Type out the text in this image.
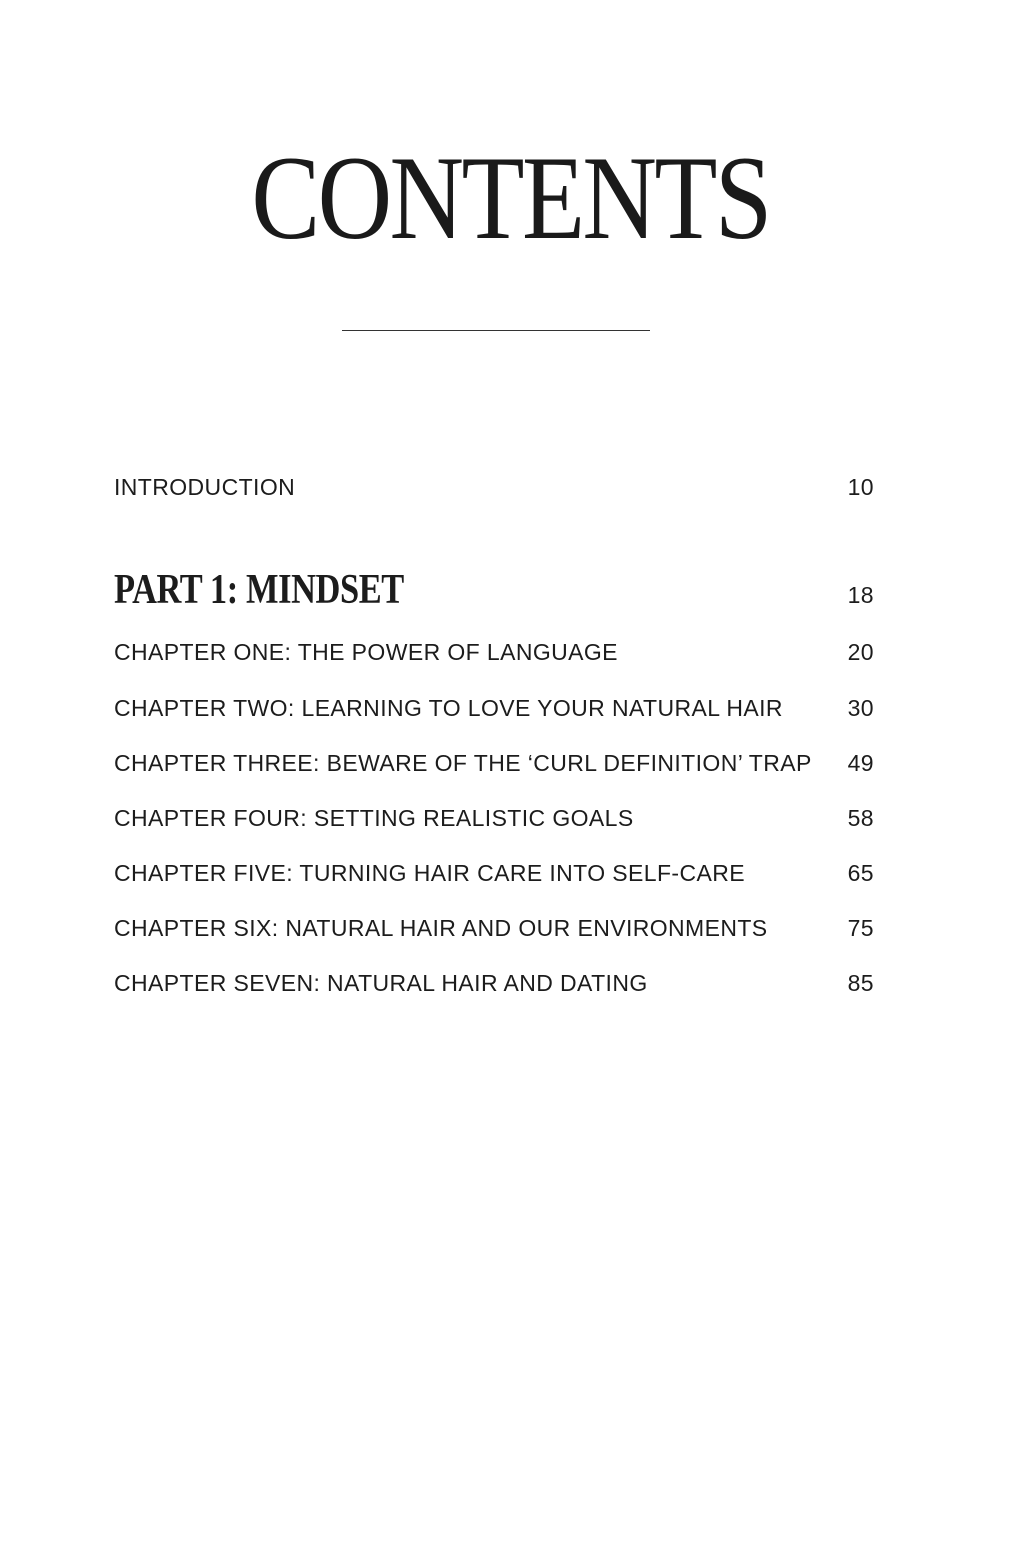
CONTENTS
INTRODUCTION	10
PART 1: MINDSET	18
CHAPTER ONE: THE POWER OF LANGUAGE	20
CHAPTER TWO: LEARNING TO LOVE YOUR NATURAL HAIR	30
CHAPTER THREE: BEWARE OF THE ‘CURL DEFINITION’ TRAP 49
CHAPTER FOUR: SETTING REALISTIC GOALS	58
CHAPTER FIVE: TURNING HAIR CARE INTO SELF-CARE	65
CHAPTER SIX: NATURAL HAIR AND OUR ENVIRONMENTS	75
CHAPTER SEVEN: NATURAL HAIR AND DATING	85
